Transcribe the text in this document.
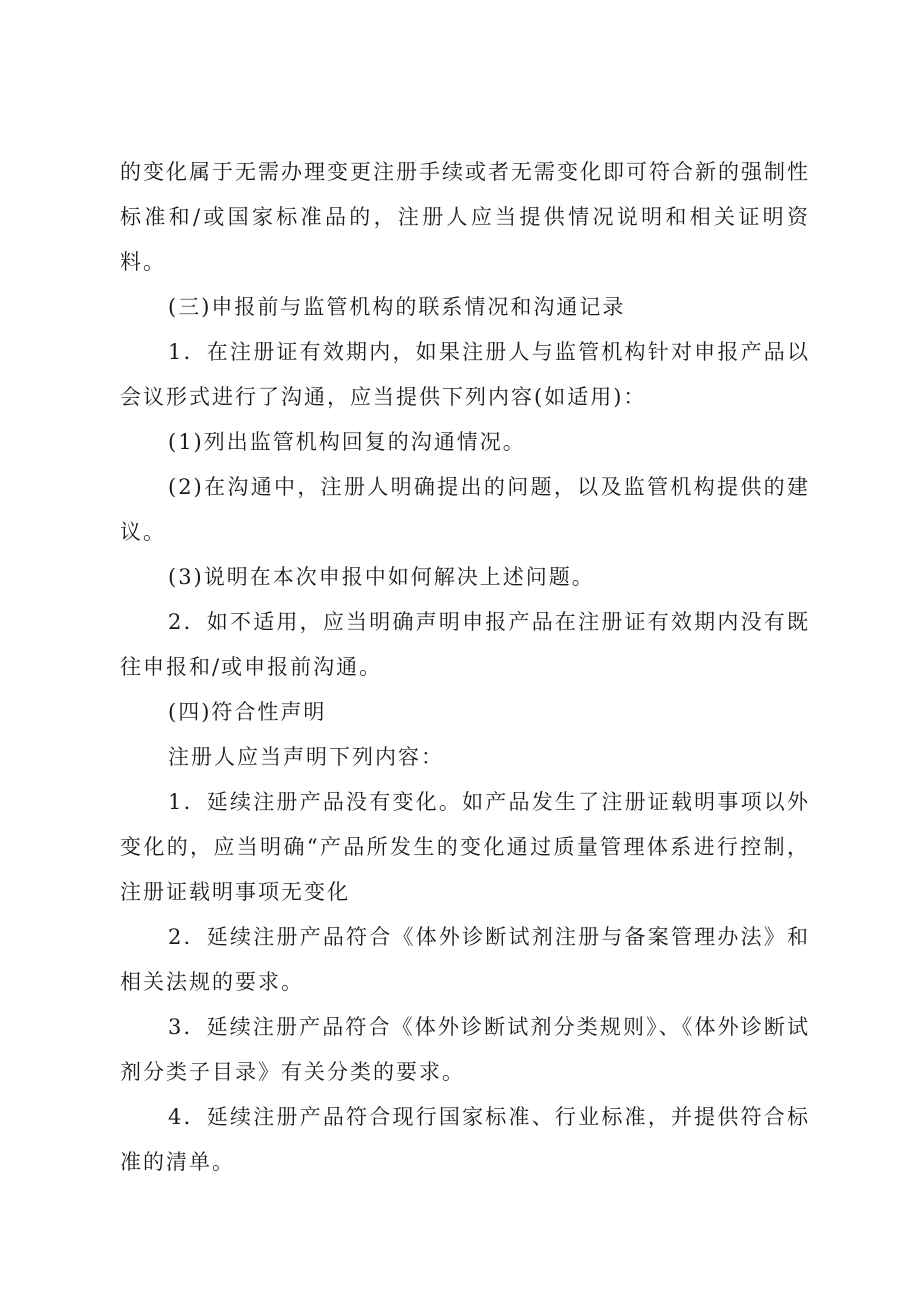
的变化属于无需办理变更注册手续或者无需变化即可符合新的强制性标准和/或国家标准品的，注册人应当提供情况说明和相关证明资料。

(三)申报前与监管机构的联系情况和沟通记录

1．在注册证有效期内，如果注册人与监管机构针对申报产品以会议形式进行了沟通，应当提供下列内容(如适用)：

(1)列出监管机构回复的沟通情况。

(2)在沟通中，注册人明确提出的问题，以及监管机构提供的建议。

(3)说明在本次申报中如何解决上述问题。

2．如不适用，应当明确声明申报产品在注册证有效期内没有既往申报和/或申报前沟通。

(四)符合性声明

注册人应当声明下列内容：

1．延续注册产品没有变化。如产品发生了注册证载明事项以外变化的，应当明确“产品所发生的变化通过质量管理体系进行控制，注册证载明事项无变化

2．延续注册产品符合《体外诊断试剂注册与备案管理办法》和相关法规的要求。

3．延续注册产品符合《体外诊断试剂分类规则》、《体外诊断试剂分类子目录》有关分类的要求。

4．延续注册产品符合现行国家标准、行业标准，并提供符合标准的清单。
